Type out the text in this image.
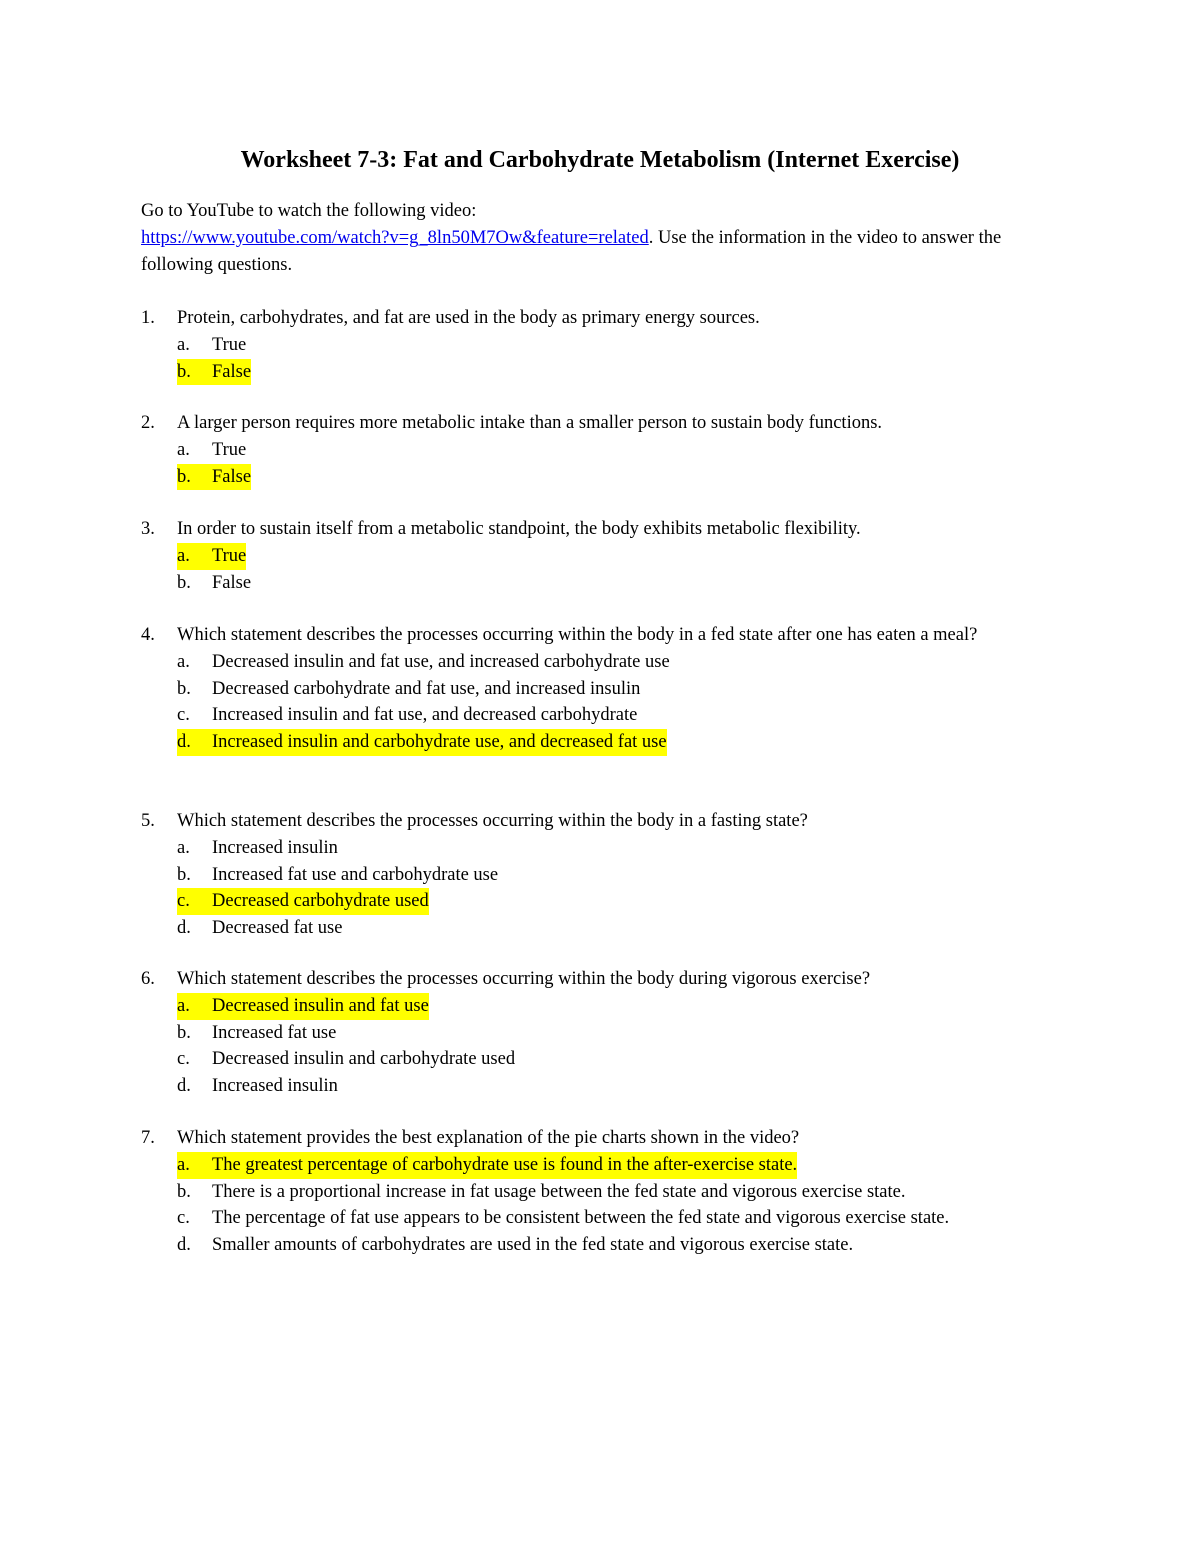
Worksheet 7-3: Fat and Carbohydrate Metabolism (Internet Exercise)
Go to YouTube to watch the following video:
https://www.youtube.com/watch?v=g_8ln50M7Ow&feature=related. Use the information in the video to answer the following questions.
1.	Protein, carbohydrates, and fat are used in the body as primary energy sources.
a.	True
b.	False
2.	A larger person requires more metabolic intake than a smaller person to sustain body functions.
a.	True
b.	False
3.	In order to sustain itself from a metabolic standpoint, the body exhibits metabolic flexibility.
a.	True
b.	False
4.	Which statement describes the processes occurring within the body in a fed state after one has eaten a meal?
a.	Decreased insulin and fat use, and increased carbohydrate use
b.	Decreased carbohydrate and fat use, and increased insulin
c.	Increased insulin and fat use, and decreased carbohydrate
d.	Increased insulin and carbohydrate use, and decreased fat use
5.	Which statement describes the processes occurring within the body in a fasting state?
a.	Increased insulin
b.	Increased fat use and carbohydrate use
c.	Decreased carbohydrate used
d.	Decreased fat use
6.	Which statement describes the processes occurring within the body during vigorous exercise?
a.	Decreased insulin and fat use
b.	Increased fat use
c.	Decreased insulin and carbohydrate used
d.	Increased insulin
7.	Which statement provides the best explanation of the pie charts shown in the video?
a.	The greatest percentage of carbohydrate use is found in the after-exercise state.
b.	There is a proportional increase in fat usage between the fed state and vigorous exercise state.
c.	The percentage of fat use appears to be consistent between the fed state and vigorous exercise state.
d.	Smaller amounts of carbohydrates are used in the fed state and vigorous exercise state.
